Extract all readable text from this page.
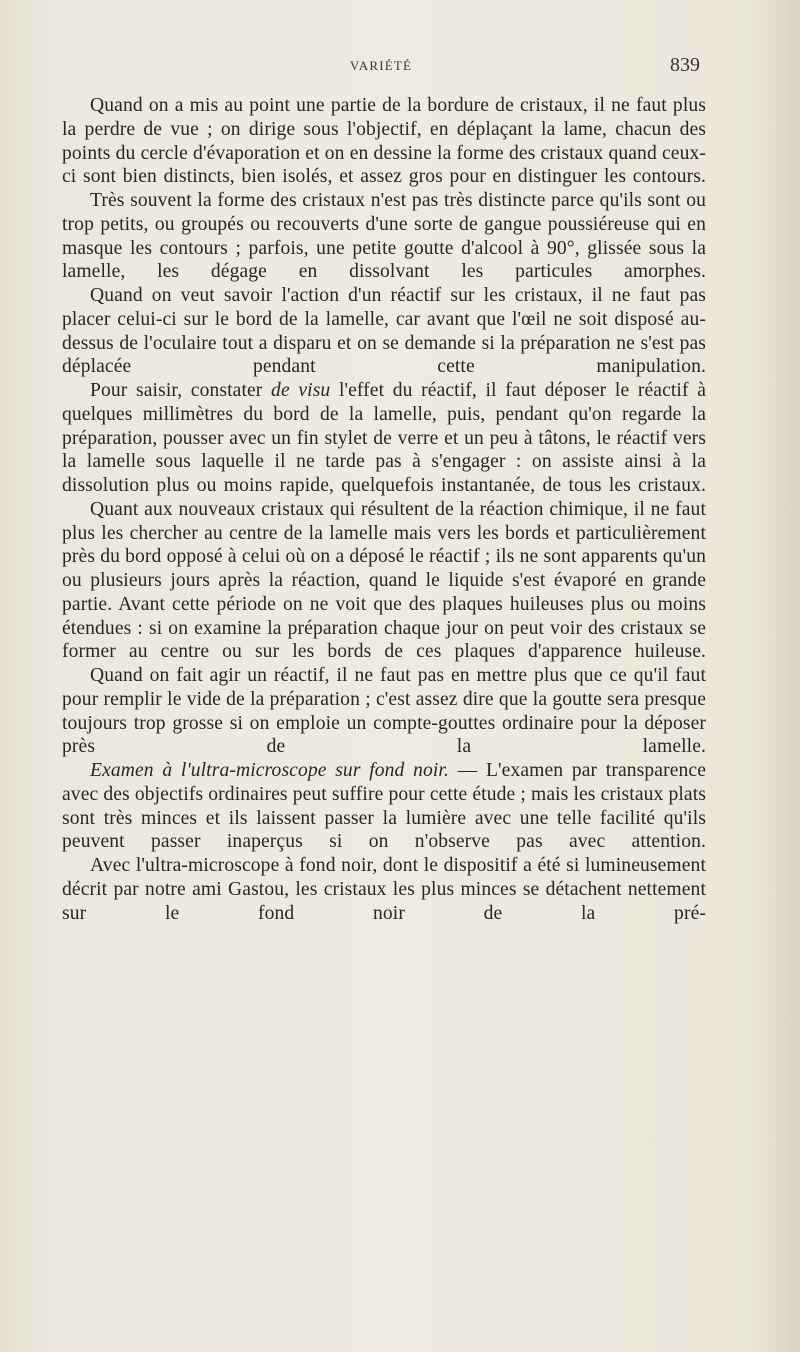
VARIÉTÉ	839

Quand on a mis au point une partie de la bordure de cristaux, il ne faut plus la perdre de vue ; on dirige sous l'objectif, en déplaçant la lame, chacun des points du cercle d'évaporation et on en dessine la forme des cristaux quand ceux-ci sont bien distincts, bien isolés, et assez gros pour en distinguer les contours.

Très souvent la forme des cristaux n'est pas très distincte parce qu'ils sont ou trop petits, ou groupés ou recouverts d'une sorte de gangue poussiéreuse qui en masque les contours ; parfois, une petite goutte d'alcool à 90°, glissée sous la lamelle, les dégage en dissolvant les particules amorphes.

Quand on veut savoir l'action d'un réactif sur les cristaux, il ne faut pas placer celui-ci sur le bord de la lamelle, car avant que l'œil ne soit disposé au-dessus de l'oculaire tout a disparu et on se demande si la préparation ne s'est pas déplacée pendant cette manipulation.

Pour saisir, constater de visu l'effet du réactif, il faut déposer le réactif à quelques millimètres du bord de la lamelle, puis, pendant qu'on regarde la préparation, pousser avec un fin stylet de verre et un peu à tâtons, le réactif vers la lamelle sous laquelle il ne tarde pas à s'engager : on assiste ainsi à la dissolution plus ou moins rapide, quelquefois instantanée, de tous les cristaux.

Quant aux nouveaux cristaux qui résultent de la réaction chimique, il ne faut plus les chercher au centre de la lamelle mais vers les bords et particulièrement près du bord opposé à celui où on a déposé le réactif ; ils ne sont apparents qu'un ou plusieurs jours après la réaction, quand le liquide s'est évaporé en grande partie. Avant cette période on ne voit que des plaques huileuses plus ou moins étendues : si on examine la préparation chaque jour on peut voir des cristaux se former au centre ou sur les bords de ces plaques d'apparence huileuse.

Quand on fait agir un réactif, il ne faut pas en mettre plus que ce qu'il faut pour remplir le vide de la préparation ; c'est assez dire que la goutte sera presque toujours trop grosse si on emploie un compte-gouttes ordinaire pour la déposer près de la lamelle.

Examen à l'ultra-microscope sur fond noir. — L'examen par transparence avec des objectifs ordinaires peut suffire pour cette étude ; mais les cristaux plats sont très minces et ils laissent passer la lumière avec une telle facilité qu'ils peuvent passer inaperçus si on n'observe pas avec attention.

Avec l'ultra-microscope à fond noir, dont le dispositif a été si lumineusement décrit par notre ami Gastou, les cristaux les plus minces se détachent nettement sur le fond noir de la pré-
